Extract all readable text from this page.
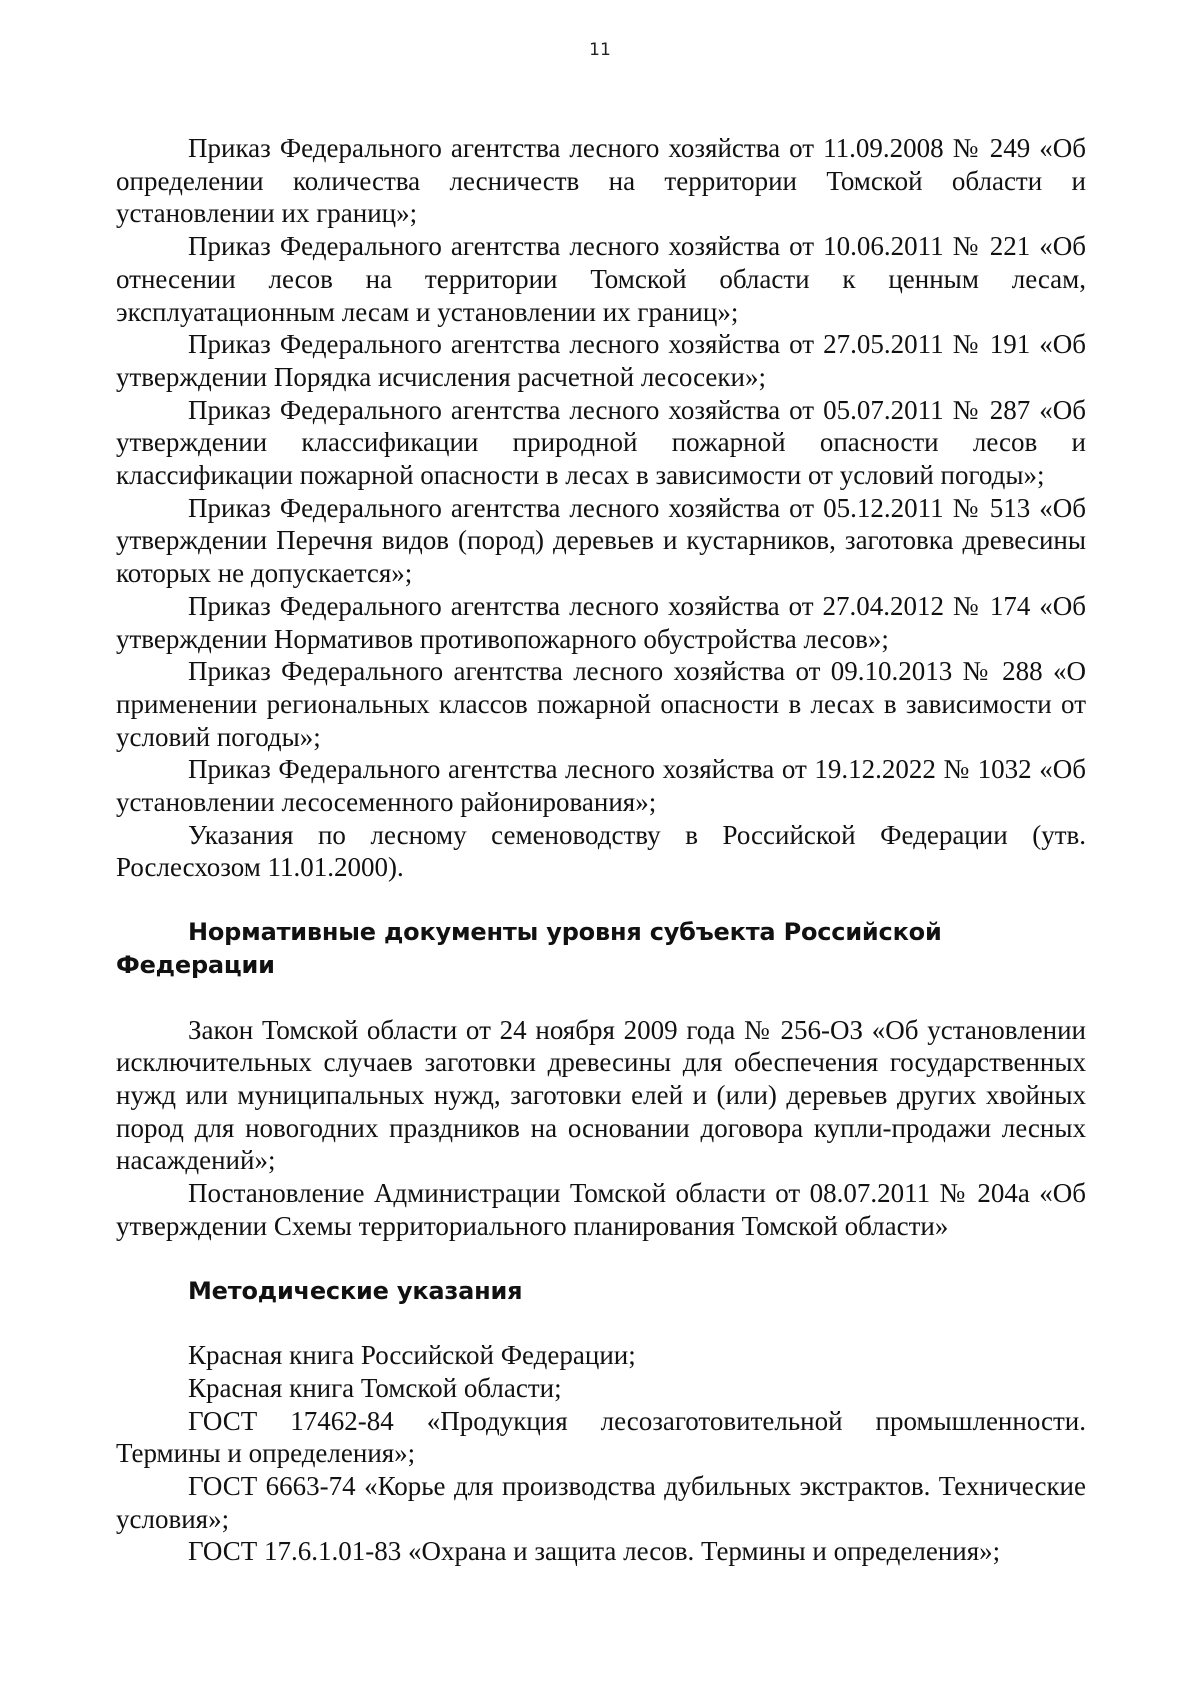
11

Приказ Федерального агентства лесного хозяйства от 11.09.2008 № 249 «Об определении количества лесничеств на территории Томской области и установлении их границ»;

Приказ Федерального агентства лесного хозяйства от 10.06.2011 № 221 «Об отнесении лесов на территории Томской области к ценным лесам, эксплуатационным лесам и установлении их границ»;

Приказ Федерального агентства лесного хозяйства от 27.05.2011 № 191 «Об утверждении Порядка исчисления расчетной лесосеки»;

Приказ Федерального агентства лесного хозяйства от 05.07.2011 № 287 «Об утверждении классификации природной пожарной опасности лесов и классификации пожарной опасности в лесах в зависимости от условий погоды»;

Приказ Федерального агентства лесного хозяйства от 05.12.2011 № 513 «Об утверждении Перечня видов (пород) деревьев и кустарников, заготовка древесины которых не допускается»;

Приказ Федерального агентства лесного хозяйства от 27.04.2012 № 174 «Об утверждении Нормативов противопожарного обустройства лесов»;

Приказ Федерального агентства лесного хозяйства от 09.10.2013 № 288 «О применении региональных классов пожарной опасности в лесах в зависимости от условий погоды»;

Приказ Федерального агентства лесного хозяйства от 19.12.2022 № 1032 «Об установлении лесосеменного районирования»;

Указания по лесному семеноводству в Российской Федерации (утв. Рослесхозом 11.01.2000).

Нормативные документы уровня субъекта Российской Федерации

Закон Томской области от 24 ноября 2009 года № 256-ОЗ «Об установлении исключительных случаев заготовки древесины для обеспечения государственных нужд или муниципальных нужд, заготовки елей и (или) деревьев других хвойных пород для новогодних праздников на основании договора купли-продажи лесных насаждений»;

Постановление Администрации Томской области от 08.07.2011 № 204а «Об утверждении Схемы территориального планирования Томской области»

Методические указания

Красная книга Российской Федерации;

Красная книга Томской области;

ГОСТ 17462-84 «Продукция лесозаготовительной промышленности. Термины и определения»;

ГОСТ 6663-74 «Корье для производства дубильных экстрактов. Технические условия»;

ГОСТ 17.6.1.01-83 «Охрана и защита лесов. Термины и определения»;
